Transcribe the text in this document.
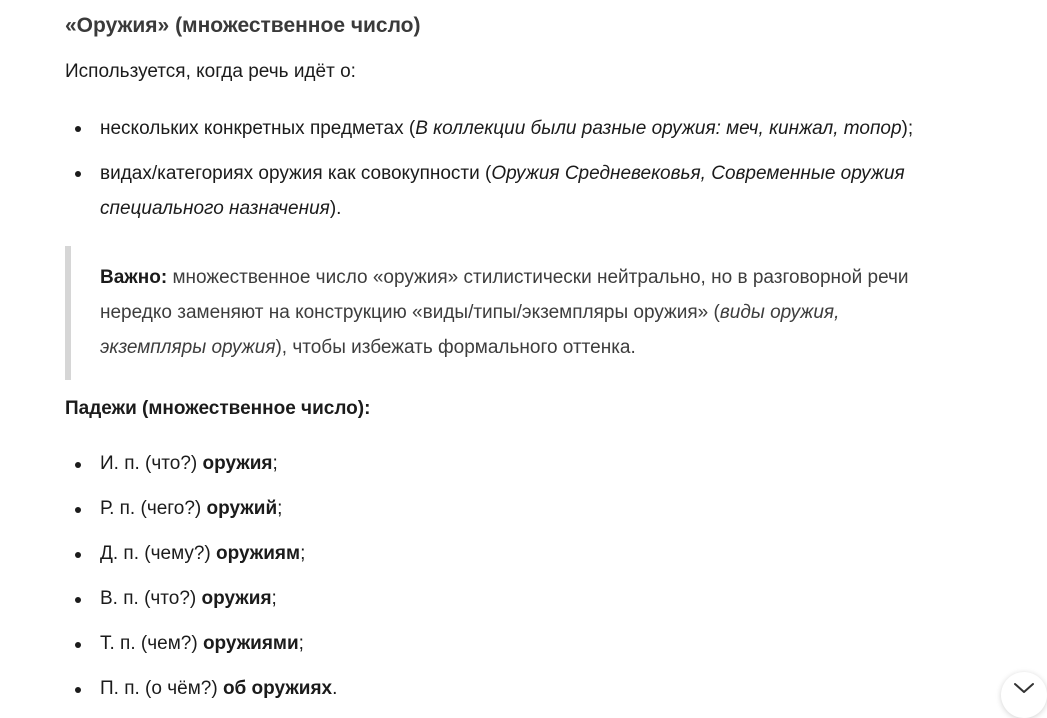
«Оружия» (множественное число)
Используется, когда речь идёт о:
нескольких конкретных предметах (В коллекции были разные оружия: меч, кинжал, топор);
видах/категориях оружия как совокупности (Оружия Средневековья, Современные оружия специального назначения).
Важно: множественное число «оружия» стилистически нейтрально, но в разговорной речи нередко заменяют на конструкцию «виды/типы/экземпляры оружия» (виды оружия, экземпляры оружия), чтобы избежать формального оттенка.
Падежи (множественное число):
И. п. (что?) оружия;
Р. п. (чего?) оружий;
Д. п. (чему?) оружиям;
В. п. (что?) оружия;
Т. п. (чем?) оружиями;
П. п. (о чём?) об оружиях.
